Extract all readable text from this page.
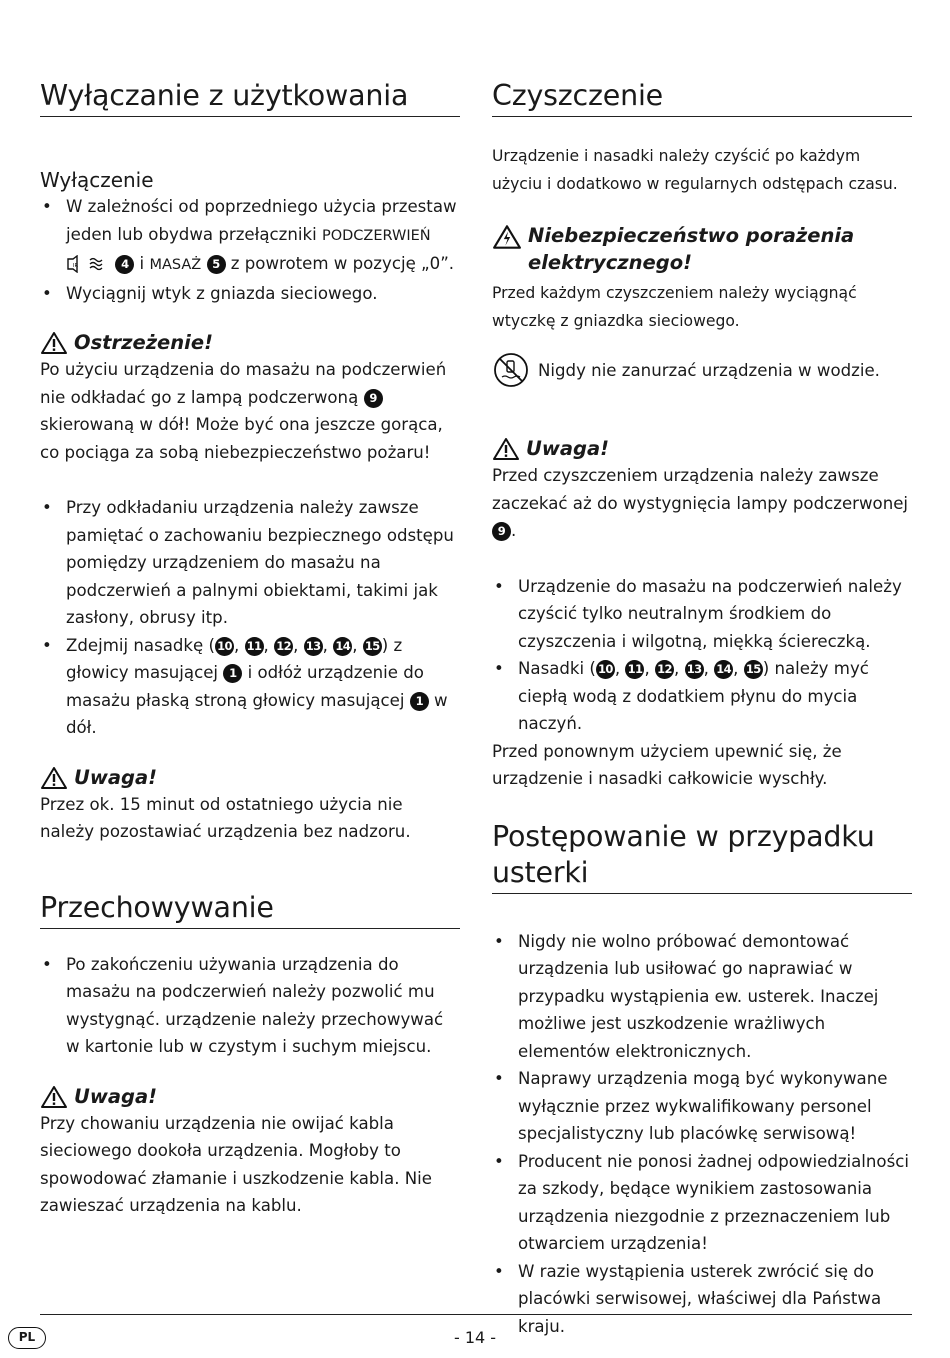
Wyłączanie z użytkowania
Wyłączenie
• W zależności od poprzedniego użycia przestaw jeden lub obydwa przełączniki PODCZERWIEŃ
IR	4 i MASAŻ 5 z powrotem w pozycję „0”.
• Wyciągnij wtyk z gniazda sieciowego.
Ostrzeżenie!

Po użyciu urządzenia do masażu na podczerwień nie odkładać go z lampą podczerwoną 9 skierowaną w dół! Może być ona jeszcze gorąca, co pociąga za sobą niebezpieczeństwo pożaru!

• Przy odkładaniu urządzenia należy zawsze pamiętać o zachowaniu bezpiecznego odstępu pomiędzy urządzeniem do masażu na podczerwień a palnymi obiektami, takimi jak zasłony, obrusy itp.
• Zdejmij nasadkę ( 10 , 11 , 12 , 13 , 14 , 15 ) z głowicy masującej 1 i odłóż urządzenie do masażu płaską stroną głowicy masującej 1 w dół.
Uwaga!

Przez ok. 15 minut od ostatniego użycia nie należy pozostawiać urządzenia bez nadzoru.

Przechowywanie
• Po zakończeniu używania urządzenia do masażu na podczerwień należy pozwolić mu wystygnąć. urządzenie należy przechowywać w kartonie lub w czystym i suchym miejscu.
Uwaga!

Przy chowaniu urządzenia nie owijać kabla sieciowego dookoła urządzenia. Mogłoby to spowodować złamanie i uszkodzenie kabla. Nie zawieszać urządzenia na kablu.

Czyszczenie

Urządzenie i nasadki należy czyścić po każdym użyciu i dodatkowo w regularnych odstępach czasu.

Niebezpieczeństwo porażenia elektrycznego!

Przed każdym czyszczeniem należy wyciągnąć wtyczkę z gniazdka sieciowego.

Nigdy nie zanurzać urządzenia w wodzie.
Uwaga!

Przed czyszczeniem urządzenia należy zawsze zaczekać aż do wystygnięcia lampy podczerwonej 9 .

• Urządzenie do masażu na podczerwień należy czyścić tylko neutralnym środkiem do czyszczenia i wilgotną, miękką ściereczką.
• Nasadki ( 10 , 11 , 12 , 13 , 14 , 15 ) należy myć ciepłą wodą z dodatkiem płynu do mycia naczyń.

Przed ponownym użyciem upewnić się, że urządzenie i nasadki całkowicie wyschły.

Postępowanie w przypadku usterki
• Nigdy nie wolno próbować demontować urządzenia lub usiłować go naprawiać w przypadku wystąpienia ew. usterek. Inaczej możliwe jest uszkodzenie wrażliwych elementów elektronicznych.
• Naprawy urządzenia mogą być wykonywane wyłącznie przez wykwalifikowany personel specjalistyczny lub placówkę serwisową!
• Producent nie ponosi żadnej odpowiedzialności za szkody, będące wynikiem zastosowania urządzenia niezgodnie z przeznaczeniem lub otwarciem urządzenia!
• W razie wystąpienia usterek zwrócić się do placówki serwisowej, właściwej dla Państwa kraju.
PL	- 14 -
